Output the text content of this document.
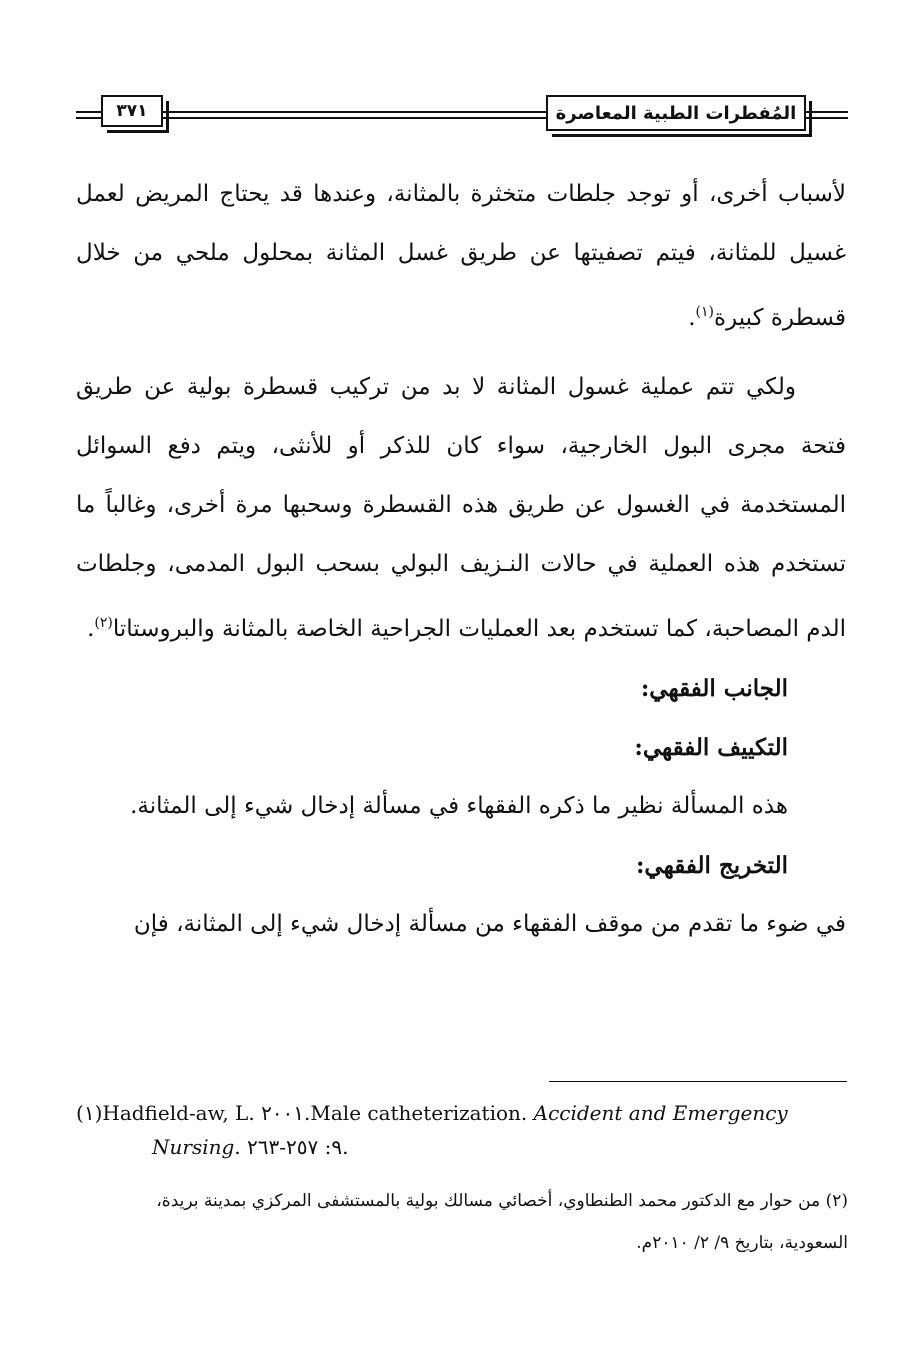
٣٧١	المُفطرات الطبية المعاصرة

لأسباب أخرى، أو توجد جلطات متخثرة بالمثانة، وعندها قد يحتاج المريض لعمل غسيل للمثانة، فيتم تصفيتها عن طريق غسل المثانة بمحلول ملحي من خلال قسطرة كبيرة$^{(١)}$.

ولكي تتم عملية غسول المثانة لا بد من تركيب قسطرة بولية عن طريق فتحة مجرى البول الخارجية، سواء كان للذكر أو للأنثى، ويتم دفع السوائل المستخدمة في الغسول عن طريق هذه القسطرة وسحبها مرة أخرى، وغالباً ما تستخدم هذه العملية في حالات النـزيف البولي بسحب البول المدمى، وجلطات الدم المصاحبة، كما تستخدم بعد العمليات الجراحية الخاصة بالمثانة والبروستاتا$^{(٢)}$.

الجانب الفقهي:

التكييف الفقهي:

هذه المسألة نظير ما ذكره الفقهاء في مسألة إدخال شيء إلى المثانة.

التخريج الفقهي:

في ضوء ما تقدم من موقف الفقهاء من مسألة إدخال شيء إلى المثانة، فإن

(١)Hadfield-aw, L. ٢٠٠١.Male catheterization. Accident and Emergency
Nursing. ٩: ٢٥٧-٢٦٣.
(٢) من حوار مع الدكتور محمد الطنطاوي، أخصائي مسالك بولية بالمستشفى المركزي بمدينة بريدة،
السعودية، بتاريخ ٩/ ٢/ ٢٠١٠م.
